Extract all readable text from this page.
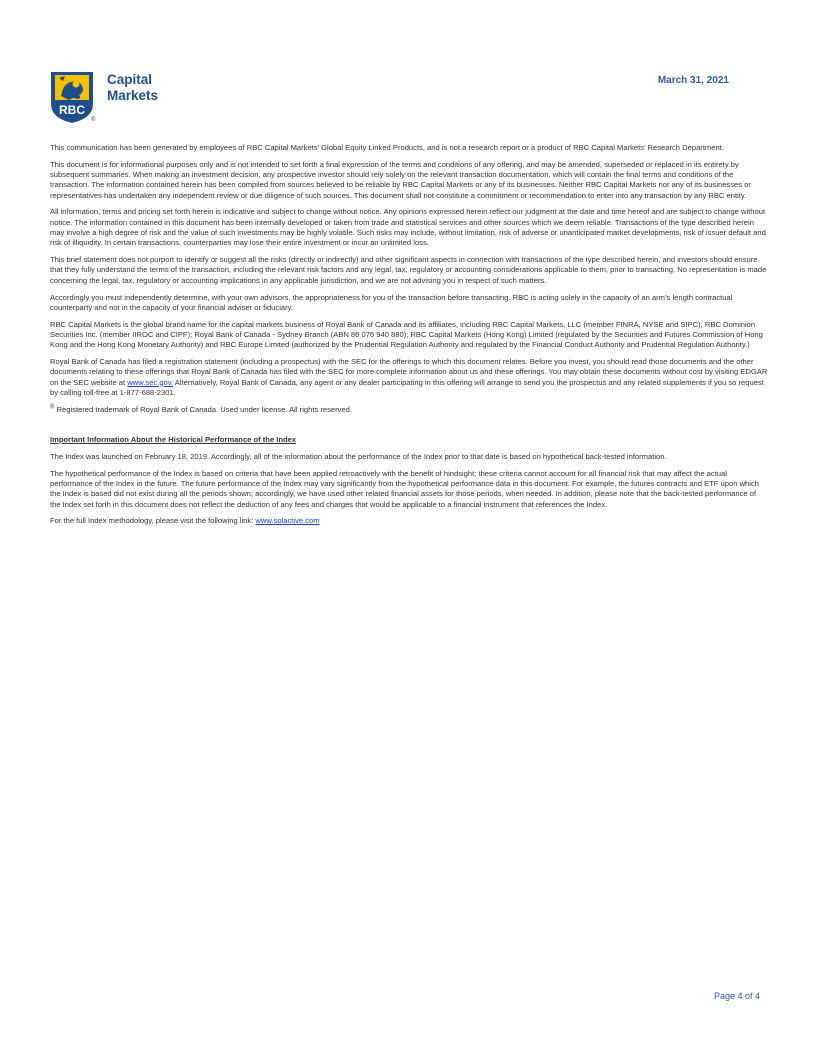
RBC
®
Capital
Markets
March 31, 2021

This communication has been generated by employees of RBC Capital Markets’ Global Equity Linked Products, and is not a research report or a product of RBC Capital Markets’ Research Department.

This document is for informational purposes only and is not intended to set forth a final expression of the terms and conditions of any offering, and may be amended, superseded or replaced in its entirety by subsequent summaries. When making an investment decision, any prospective investor should rely solely on the relevant transaction documentation, which will contain the final terms and conditions of the transaction. The information contained herein has been compiled from sources believed to be reliable by RBC Capital Markets or any of its businesses. Neither RBC Capital Markets nor any of its businesses or representatives has undertaken any independent review or due diligence of such sources. This document shall not constitute a commitment or recommendation to enter into any transaction by any RBC entity.

All information, terms and pricing set forth herein is indicative and subject to change without notice. Any opinions expressed herein reflect our judgment at the date and time hereof and are subject to change without notice. The information contained in this document has been internally developed or taken from trade and statistical services and other sources which we deem reliable. Transactions of the type described herein may involve a high degree of risk and the value of such investments may be highly volatile. Such risks may include, without limitation, risk of adverse or unanticipated market developments, risk of issuer default and risk of illiquidity. In certain transactions, counterparties may lose their entire investment or incur an unlimited loss.

This brief statement does not purport to identify or suggest all the risks (directly or indirectly) and other significant aspects in connection with transactions of the type described herein, and investors should ensure that they fully understand the terms of the transaction, including the relevant risk factors and any legal, tax, regulatory or accounting considerations applicable to them, prior to transacting. No representation is made concerning the legal, tax, regulatory or accounting implications in any applicable jurisdiction, and we are not advising you in respect of such matters.

Accordingly you must independently determine, with your own advisors, the appropriateness for you of the transaction before transacting. RBC is acting solely in the capacity of an arm’s length contractual counterparty and not in the capacity of your financial adviser or fiduciary.

RBC Capital Markets is the global brand name for the capital markets business of Royal Bank of Canada and its affiliates, including RBC Capital Markets, LLC (member FINRA, NYSE and SIPC); RBC Dominion Securities Inc. (member IIROC and CIPF); Royal Bank of Canada - Sydney Branch (ABN 86 076 940 880); RBC Capital Markets (Hong Kong) Limited (regulated by the Securities and Futures Commission of Hong Kong and the Hong Kong Monetary Authority) and RBC Europe Limited (authorized by the Prudential Regulation Authority and regulated by the Financial Conduct Authority and Prudential Regulation Authority.)

Royal Bank of Canada has filed a registration statement (including a prospectus) with the SEC for the offerings to which this document relates. Before you invest, you should read those documents and the other documents relating to these offerings that Royal Bank of Canada has filed with the SEC for more complete information about us and these offerings. You may obtain these documents without cost by visiting EDGAR on the SEC website at www.sec.gov. Alternatively, Royal Bank of Canada, any agent or any dealer participating in this offering will arrange to send you the prospectus and any related supplements if you so request by calling toll-free at 1-877-688-2301.

® Registered trademark of Royal Bank of Canada. Used under license. All rights reserved.

Important Information About the Historical Performance of the Index

The Index was launched on February 18, 2019. Accordingly, all of the information about the performance of the Index prior to that date is based on hypothetical back-tested information.

The hypothetical performance of the Index is based on criteria that have been applied retroactively with the benefit of hindsight; these criteria cannot account for all financial risk that may affect the actual performance of the Index in the future. The future performance of the Index may vary significantly from the hypothetical performance data in this document. For example, the futures contracts and ETF upon which the Index is based did not exist during all the periods shown; accordingly, we have used other related financial assets for those periods, when needed. In addition, please note that the back-tested performance of the Index set forth in this document does not reflect the deduction of any fees and charges that would be applicable to a financial instrument that references the Index.

For the full Index methodology, please visit the following link: www.solactive.com

Page 4 of 4
